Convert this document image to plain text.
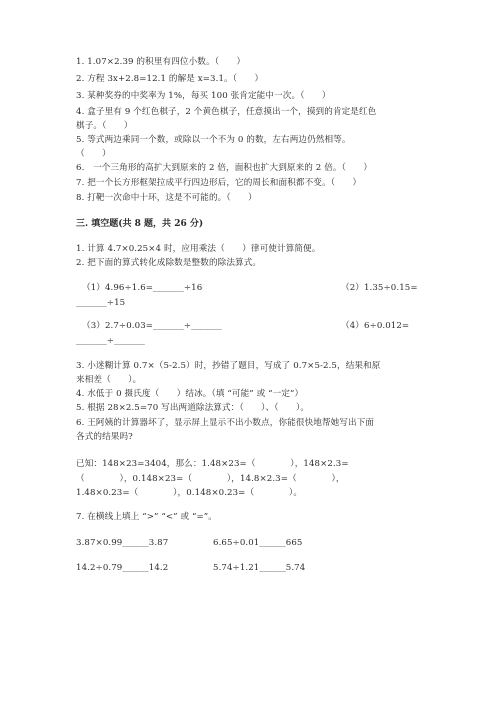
1. 1.07×2.39 的积里有四位小数。（　　）
2. 方程 3x+2.8=12.1 的解是 x=3.1。（　　）
3. 某种奖券的中奖率为 1%，每买 100 张肯定能中一次。（　　）
4. 盒子里有 9 个红色棋子，2 个黄色棋子，任意摸出一个，摸到的肯定是红色
棋子。（　　）
5. 等式两边乘同一个数，或除以一个不为 0 的数，左右两边仍然相等。
（　　）
6.　一个三角形的高扩大到原来的 2 倍，面积也扩大到原来的 2 倍。（　　）
7. 把一个长方形框架拉成平行四边形后，它的周长和面积都不变。（　　）
8. 打靶一次命中十环，这是不可能的。（　　）
三. 填空题(共 8 题，共 26 分)
1. 计算 4.7×0.25×4 时，应用乘法（　　）律可使计算简便。
2. 把下面的算式转化成除数是整数的除法算式。
（1）4.96÷1.6=_______÷16	（2）1.35÷0.15=
_______÷15
（3）2.7÷0.03=_______÷_______	（4）6÷0.012=
_______÷_______
3. 小迷糊计算 0.7×（5-2.5）时，抄错了题目，写成了 0.7×5-2.5，结果和原
来相差（　　）。
4. 水低于 0 摄氏度（　　）结冰。（填 “可能” 或 “一定”）
5. 根据 28×2.5=70 写出两道除法算式：（　　）、（　　）。
6. 王阿姨的计算器坏了，显示屏上显示不出小数点，你能很快地帮她写出下面
各式的结果吗?
已知：148×23=3404，那么：1.48×23=（　　　　），148×2.3=
（　　　　），0.148×23=（　　　　），14.8×2.3=（　　　　），
1.48×0.23=（　　　　），0.148×0.23=（　　　　）。
7. 在横线上填上 “>” “<” 或 “=”。
3.87×0.99______3.87	6.65÷0.01______665
14.2÷0.79______14.2	5.74÷1.21______5.74
